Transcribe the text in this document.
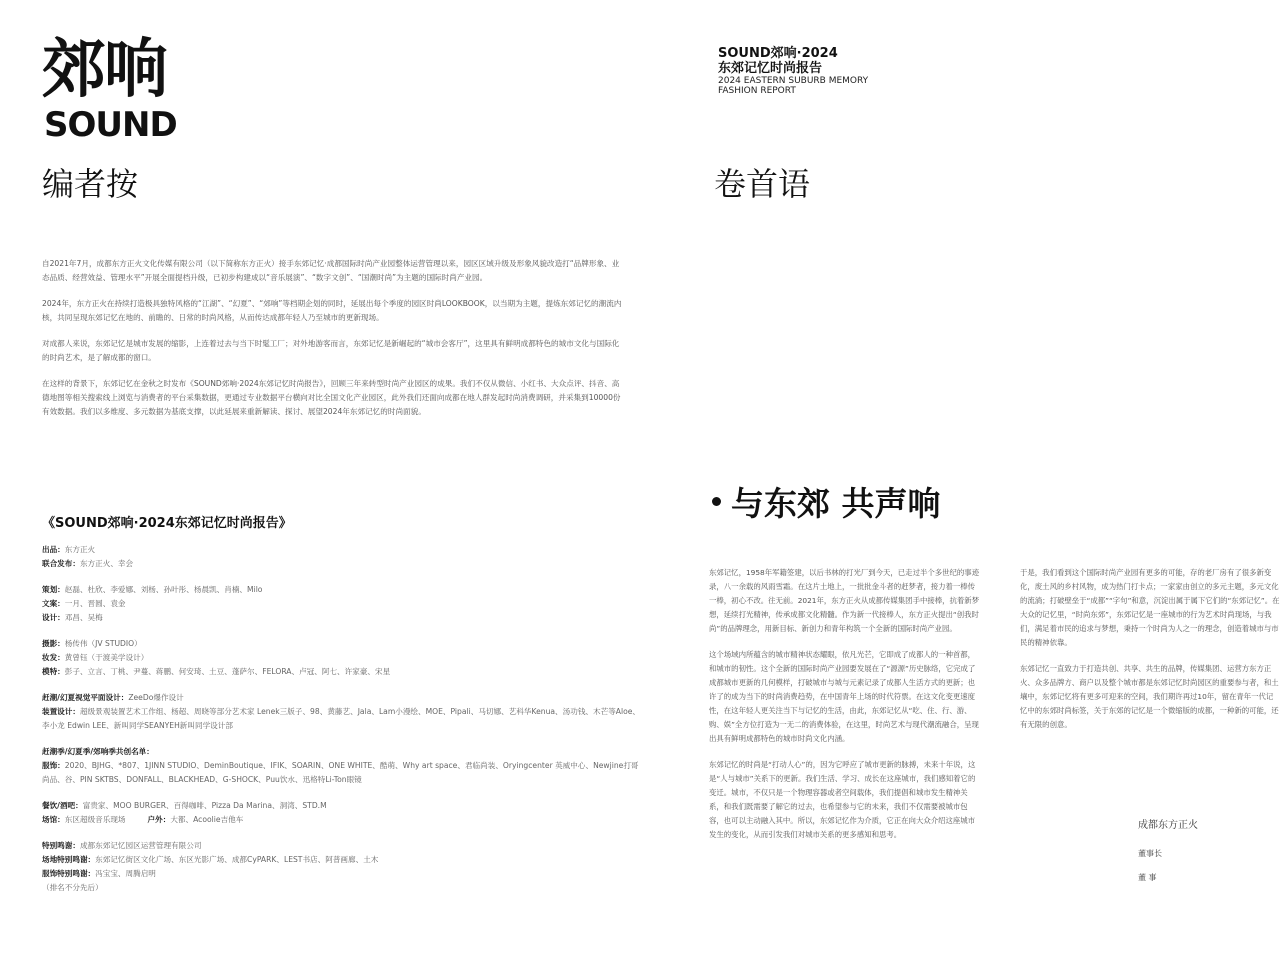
郊响
SOUND
编者按

自2021年7月，成都东方正火文化传媒有限公司（以下简称东方正火）接手东郊记忆·成都国际时尚产业园整体运营管理以来，园区区域升级及形象风貌改造打“品牌形象、业态品质、经营效益、管理水平”开展全面提档升级，已初步构建成以“音乐展演”、“数字文创”、“国潮时尚”为主题的国际时尚产业园。

2024年，东方正火在持续打造极具独特风格的“江湖”、“幻夏”、“郊响”等档期企划的同时，延展出每个季度的园区时尚LOOKBOOK，以当期为主题，提炼东郊记忆的潮流内核，共同呈现东郊记忆在地的、前瞻的、日常的时尚风格，从而传达成都年轻人乃至城市的更新现场。

对成都人来说，东郊记忆是城市发展的缩影，上连着过去与当下时髦工厂；对外地游客而言，东郊记忆是新崛起的“城市会客厅”，这里具有鲜明成都特色的城市文化与国际化的时尚艺术，是了解成都的窗口。

在这样的背景下，东郊记忆在金秋之时发布《SOUND郊响·2024东郊记忆时尚报告》，回顾三年来转型时尚产业园区的成果。我们不仅从微信、小红书、大众点评、抖音、高德地图等相关搜索线上浏览与消费者的平台采集数据，更通过专业数据平台横向对比全国文化产业园区，此外我们还面向成都在地人群发起时尚消费调研，并采集到10000份有效数据。我们以多维度、多元数据为基底支撑，以此延展来重新解读、探讨、展望2024年东郊记忆的时尚面貌。

《SOUND郊响·2024东郊记忆时尚报告》
出品：东方正火
联合发布：东方正火、幸会
策划：赵磊、杜欣、李爱娜、刘杨、孙叶彤、杨晨凯、肖楠、Milo
文案：一月、晋圆、袁金
设计：邓昌、吴梅
摄影：杨传伟（JV STUDIO）
妆发：黄曾钰（于渡美学设计）
模特：彭子、立言、丁桃、尹蔓、蒋鹏、何安琦、土豆、蓬萨尔、FELORA、卢冠、阿七、许家豪、宋星
赶潮/幻夏视觉平面设计：ZeeDo爆作设计
装置设计：超级景观装置艺术工作组、杨超、周晓等部分艺术家 Lenek三版子、98、黄藤艺、Jala、Lam小漫绘、MOE、Pipali、马切娜、艺科华Kenua、汤功钱、木芒等Aloe、李小龙 Edwin LEE、新叫同学SEANYEH新叫同学设计部
赶潮季/幻夏季/郊响季共创名单：
服饰：2020、BJHG、*807、1JINN STUDIO、DeminBoutique、IFIK、SOARIN、ONE WHITE、酷萌、Why art space、君临尚装、Oryingcenter 英威中心、Newjine打哥尚品、谷、PIN SKTBS、DONFALL、BLACKHEAD、G-SHOCK、Puu饮水、迅格特Li-Ton眼镜
餐饮/酒吧：富贵家、MOO BURGER、百得咖啡、Pizza Da Marina、洞湾、STD.M
场馆：东区超级音乐现场	户外：大都、Acoolie吉他车
特别鸣谢：成都东郊记忆园区运营管理有限公司
场地特别鸣谢：东郊记忆街区文化广场、东区光影广场、成都CyPARK、LEST书店、阿普画廊、土木
服饰特别鸣谢：冯宝宝、周腾启明
（排名不分先后）
SOUND郊响·2024
东郊记忆时尚报告
2024 EASTERN SUBURB MEMORY
FASHION REPORT
卷首语
与东郊 共声响

东郊记忆，1958年军籍签建，以后书林的打光厂到今天，已走过半个多世纪的事迹录，八一余载的风雨雪霜。在这片土地上，一批批金斗者的赶梦者，接力着一棒传一棒，初心不改。往无前。2021年，东方正火从成都传媒集团手中接棒，抗着新梦想，延续打光精神，传承成都文化精髓。作为新一代接棒人，东方正火提出“创我时尚”的品牌理念，用新目标、新创力和青年构筑一个全新的国际时尚产业园。

这个场域内所蕴含的城市精神状态耀眼，依凡光芒，它即成了成都人的一种首都，和城市的韧性。这个全新的国际时尚产业园要发展在了“源源”历史脉络，它完成了成都城市更新的几何模样，打破城市与城与元素记录了成都人生活方式的更新；也许了的成为当下的时尚消费趋势，在中国青年上场的时代符票。在这文化变更速度性，在这年轻人更关注当下与记忆的生活，由此，东郊记忆从“吃、住、行、游、购、娱”全方位打造为一无二的消费体验，在这里，时尚艺术与现代潮流融合，呈现出具有鲜明成都特色的城市时尚文化内涵。

东郊记忆的时尚是“打动人心”的，因为它呼应了城市更新的脉搏，未来十年说，这是“人与城市”关系下的更新。我们生活、学习、成长在这座城市，我们感知着它的变迁。城市，不仅只是一个物理容器或者空间载体，我们提倡和城市发生精神关系，和我们既需要了解它的过去，也希望参与它的未来，我们不仅需要被城市包容，也可以主动融入其中。所以，东郊记忆作为介质，它正在向大众介绍这座城市发生的变化，从而引发我们对城市关系的更多感知和思考。

于是，我们看到这个国际时尚产业园有更多的可能，存的老厂房有了很多新变化，废土风的乡村风物，成为热门打卡点；一家家由创立的多元主题，多元文化的流淌；打破壁垒于“成都”“字句”和意，沉淀出属于属下它们的“东郊记忆”。在大众的记忆里，“时尚东郊”，东郊记忆是一座城市的行为艺术时尚现场，与我们，满足着市民的追求与梦想，秉持一个时尚为人之一的理念，创造着城市与市民的精神依靠。

东郊记忆一直致力于打造共创、共享、共生的品牌，传媒集团、运营方东方正火、众多品牌方、商户以及整个城市都是东郊记忆时尚园区的重要参与者，和土壤中，东郊记忆将有更多可迎来的空间，我们期许再过10年，留在青年一代记忆中的东郊时尚标签，关于东郊的记忆是一个微缩版的成都，一种新的可能，还有无限的创意。

成都东方正火
董事长
董 事
